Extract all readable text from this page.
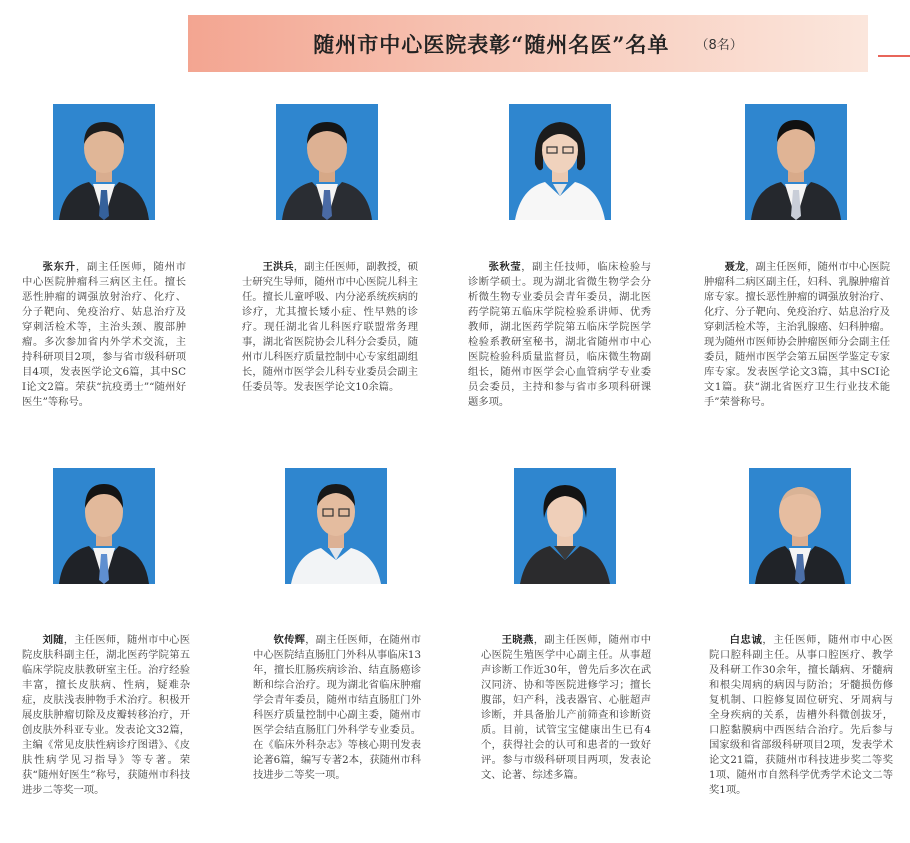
随州市中心医院表彰“随州名医”名单 （8名）
张东升，副主任医师，随州市中心医院肿瘤科三病区主任。擅长恶性肿瘤的调强放射治疗、化疗、分子靶向、免疫治疗、姑息治疗及穿刺活检术等，主治头颈、腹部肿瘤。多次参加省内外学术交流，主持科研项目2项，参与省市级科研项目4项，发表医学论文6篇，其中SCI论文2篇。荣获“抗疫勇士”“随州好医生”等称号。
王洪兵，副主任医师，副教授，硕士研究生导师，随州市中心医院儿科主任。擅长儿童呼吸、内分泌系统疾病的诊疗，尤其擅长矮小症、性早熟的诊疗。现任湖北省儿科医疗联盟常务理事，湖北省医院协会儿科分会委员，随州市儿科医疗质量控制中心专家组副组长，随州市医学会儿科专业委员会副主任委员等。发表医学论文10余篇。
张秋莹，副主任技师，临床检验与诊断学硕士。现为湖北省微生物学会分析微生物专业委员会青年委员，湖北医药学院第五临床学院检验系讲师、优秀教师，湖北医药学院第五临床学院医学检验系教研室秘书，湖北省随州市中心医院检验科质量监督员，临床微生物副组长，随州市医学会心血管病学专业委员会委员，主持和参与省市多项科研课题多项。
聂龙，副主任医师，随州市中心医院肿瘤科二病区副主任，妇科、乳腺肿瘤首席专家。擅长恶性肿瘤的调强放射治疗、化疗、分子靶向、免疫治疗、姑息治疗及穿刺活检术等，主治乳腺癌、妇科肿瘤。现为随州市医师协会肿瘤医师分会副主任委员，随州市医学会第五届医学鉴定专家库专家。发表医学论文3篇，其中SCI论文1篇。获“湖北省医疗卫生行业技术能手”荣誉称号。
刘随，主任医师，随州市中心医院皮肤科副主任，湖北医药学院第五临床学院皮肤教研室主任。治疗经验丰富，擅长皮肤病、性病，疑难杂症，皮肤浅表肿物手术治疗。积极开展皮肤肿瘤切除及皮瓣转移治疗，开创皮肤外科亚专业。发表论文32篇，主编《常见皮肤性病诊疗图谱》、《皮肤性病学见习指导》等专著。荣获“随州好医生”称号，获随州市科技进步二等奖一项。
钦传辉，副主任医师，在随州市中心医院结直肠肛门外科从事临床13年，擅长肛肠疾病诊治、结直肠癌诊断和综合治疗。现为湖北省临床肿瘤学会青年委员，随州市结直肠肛门外科医疗质量控制中心副主委，随州市医学会结直肠肛门外科学专业委员。在《临床外科杂志》等核心期刊发表论著6篇，编写专著2本，获随州市科技进步二等奖一项。
王晓燕，副主任医师，随州市中心医院生殖医学中心副主任。从事超声诊断工作近30年，曾先后多次在武汉同济、协和等医院进修学习；擅长腹部，妇产科，浅表器官、心脏超声诊断，并具备胎儿产前筛查和诊断资质。目前，试管宝宝健康出生已有4个，获得社会的认可和患者的一致好评。参与市级科研项目两项，发表论文、论著、综述多篇。
白忠诚，主任医师，随州市中心医院口腔科副主任。从事口腔医疗、教学及科研工作30余年，擅长龋病、牙髓病和根尖周病的病因与防治；牙髓损伤修复机制、口腔修复固位研究、牙周病与全身疾病的关系，齿槽外科微创拔牙，口腔黏膜病中西医结合治疗。先后参与国家级和省部级科研项目2项，发表学术论文21篇，获随州市科技进步奖二等奖1项、随州市自然科学优秀学术论文二等奖1项。
